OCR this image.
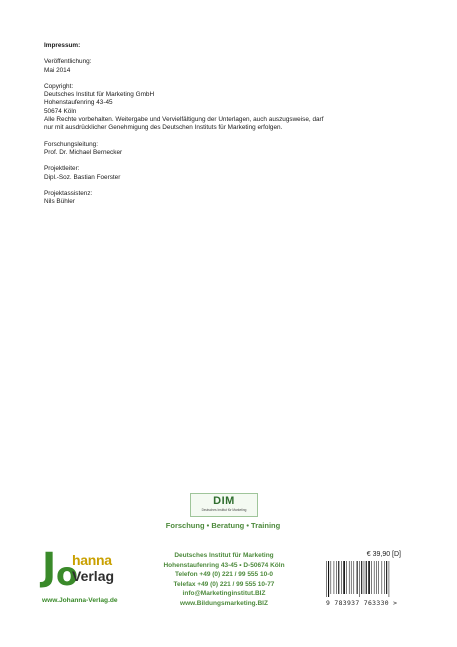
Impressum:
Veröffentlichung:
Mai 2014
Copyright:
Deutsches Institut für Marketing GmbH
Hohenstaufenring 43-45
50674 Köln
Alle Rechte vorbehalten. Weitergabe und Vervielfältigung der Unterlagen, auch auszugsweise, darf
nur mit ausdrücklicher Genehmigung des Deutschen Instituts für Marketing erfolgen.
Forschungsleitung:
Prof. Dr. Michael Bernecker
Projektleiter:
Dipl.-Soz. Bastian Foerster
Projektassistenz:
Nils Bühler
DIM
Deutsches Institut für Marketing
Forschung • Beratung • Training
J o
hanna
Verlag
www.Johanna-Verlag.de
Deutsches Institut für Marketing
Hohenstaufenring 43-45 • D-50674 Köln
Telefon +49 (0) 221 / 99 555 10-0
Telefax +49 (0) 221 / 99 555 10-77
info@Marketinginstitut.BIZ
www.Bildungsmarketing.BIZ
€ 39,90 [D]
9 783937 763330 >
